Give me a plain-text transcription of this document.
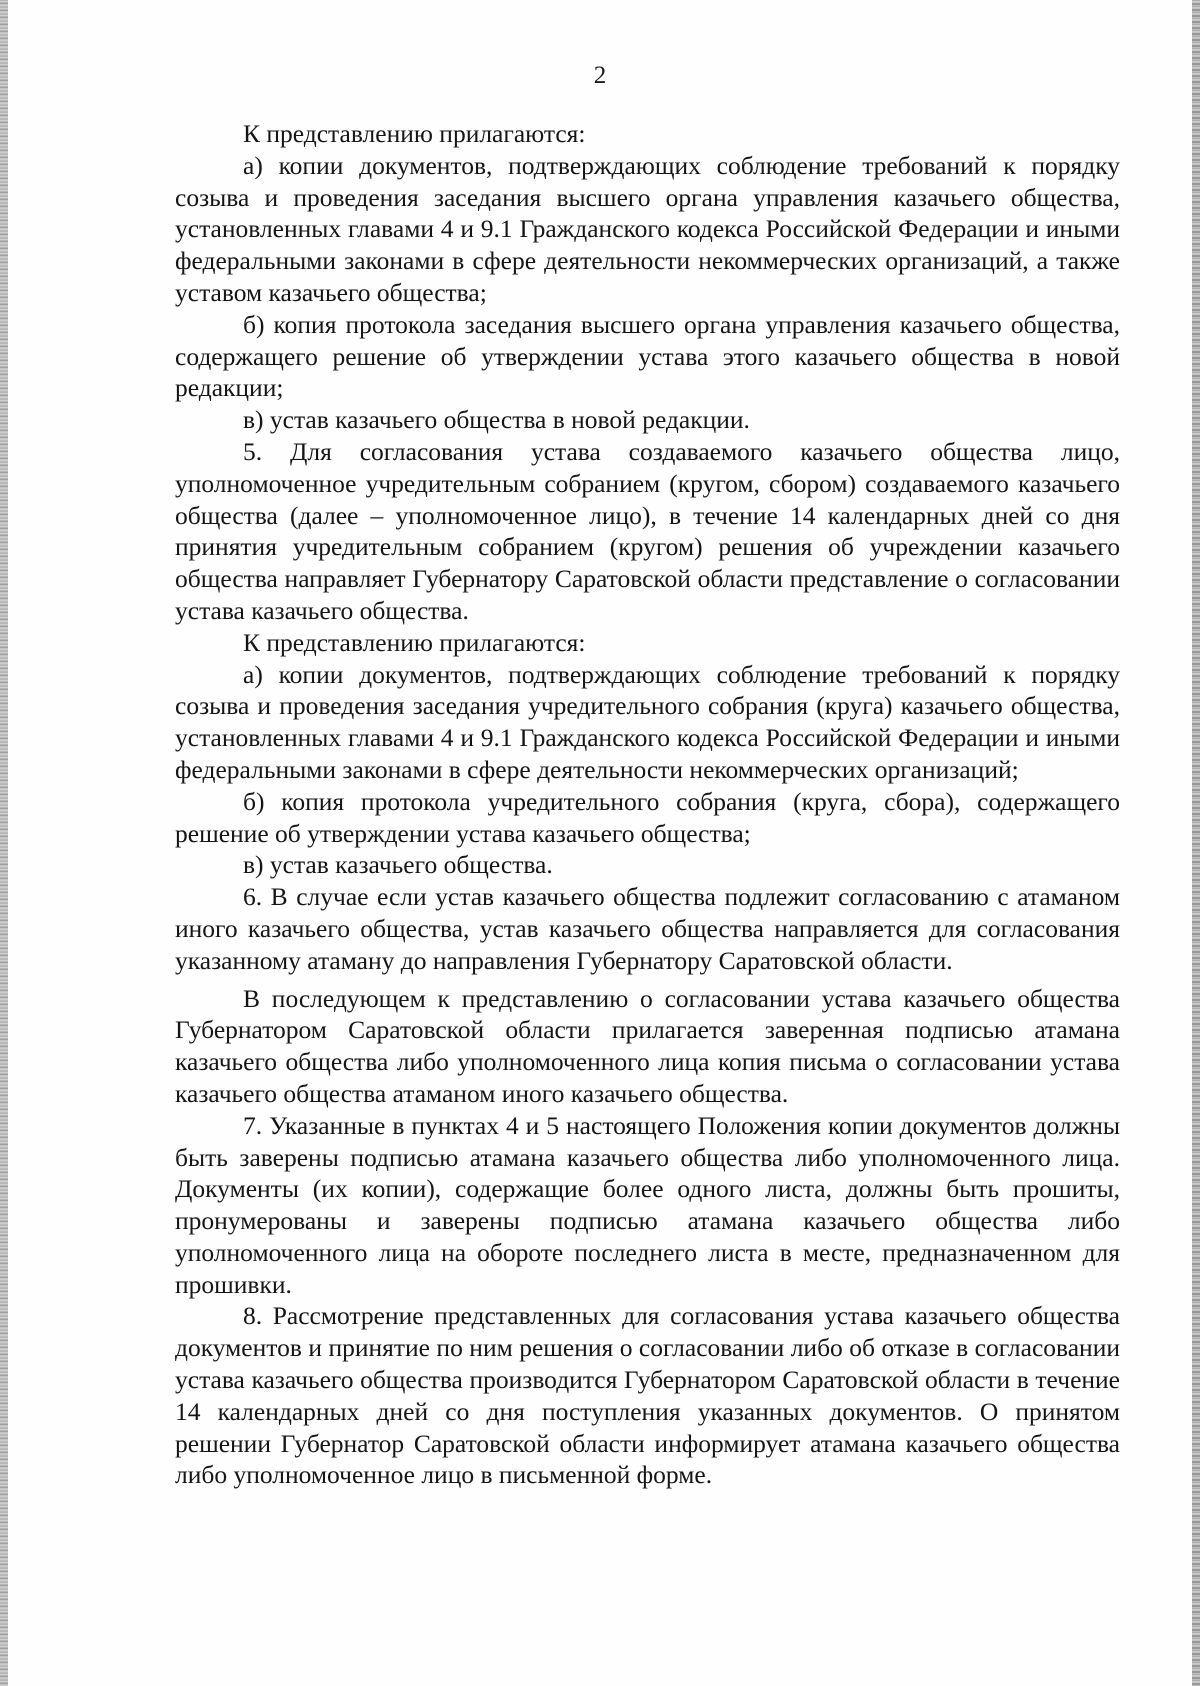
2

К представлению прилагаются:

а) копии документов, подтверждающих соблюдение требований к порядку созыва и проведения заседания высшего органа управления казачьего общества, установленных главами 4 и 9.1 Гражданского кодекса Российской Федерации и иными федеральными законами в сфере деятельности некоммерческих организаций, а также уставом казачьего общества;

б) копия протокола заседания высшего органа управления казачьего общества, содержащего решение об утверждении устава этого казачьего общества в новой редакции;

в) устав казачьего общества в новой редакции.

5. Для согласования устава создаваемого казачьего общества лицо, уполномоченное учредительным собранием (кругом, сбором) создаваемого казачьего общества (далее – уполномоченное лицо), в течение 14 календарных дней со дня принятия учредительным собранием (кругом) решения об учреждении казачьего общества направляет Губернатору Саратовской области представление о согласовании устава казачьего общества.

К представлению прилагаются:

а) копии документов, подтверждающих соблюдение требований к порядку созыва и проведения заседания учредительного собрания (круга) казачьего общества, установленных главами 4 и 9.1 Гражданского кодекса Российской Федерации и иными федеральными законами в сфере деятельности некоммерческих организаций;

б) копия протокола учредительного собрания (круга, сбора), содержащего решение об утверждении устава казачьего общества;

в) устав казачьего общества.

6. В случае если устав казачьего общества подлежит согласованию с атаманом иного казачьего общества, устав казачьего общества направляется для согласования указанному атаману до направления Губернатору Саратовской области.

В последующем к представлению о согласовании устава казачьего общества Губернатором Саратовской области прилагается заверенная подписью атамана казачьего общества либо уполномоченного лица копия письма о согласовании устава казачьего общества атаманом иного казачьего общества.

7. Указанные в пунктах 4 и 5 настоящего Положения копии документов должны быть заверены подписью атамана казачьего общества либо уполномоченного лица. Документы (их копии), содержащие более одного листа, должны быть прошиты, пронумерованы и заверены подписью атамана казачьего общества либо уполномоченного лица на обороте последнего листа в месте, предназначенном для прошивки.

8. Рассмотрение представленных для согласования устава казачьего общества документов и принятие по ним решения о согласовании либо об отказе в согласовании устава казачьего общества производится Губернатором Саратовской области в течение 14 календарных дней со дня поступления указанных документов. О принятом решении Губернатор Саратовской области информирует атамана казачьего общества либо уполномоченное лицо в письменной форме.
